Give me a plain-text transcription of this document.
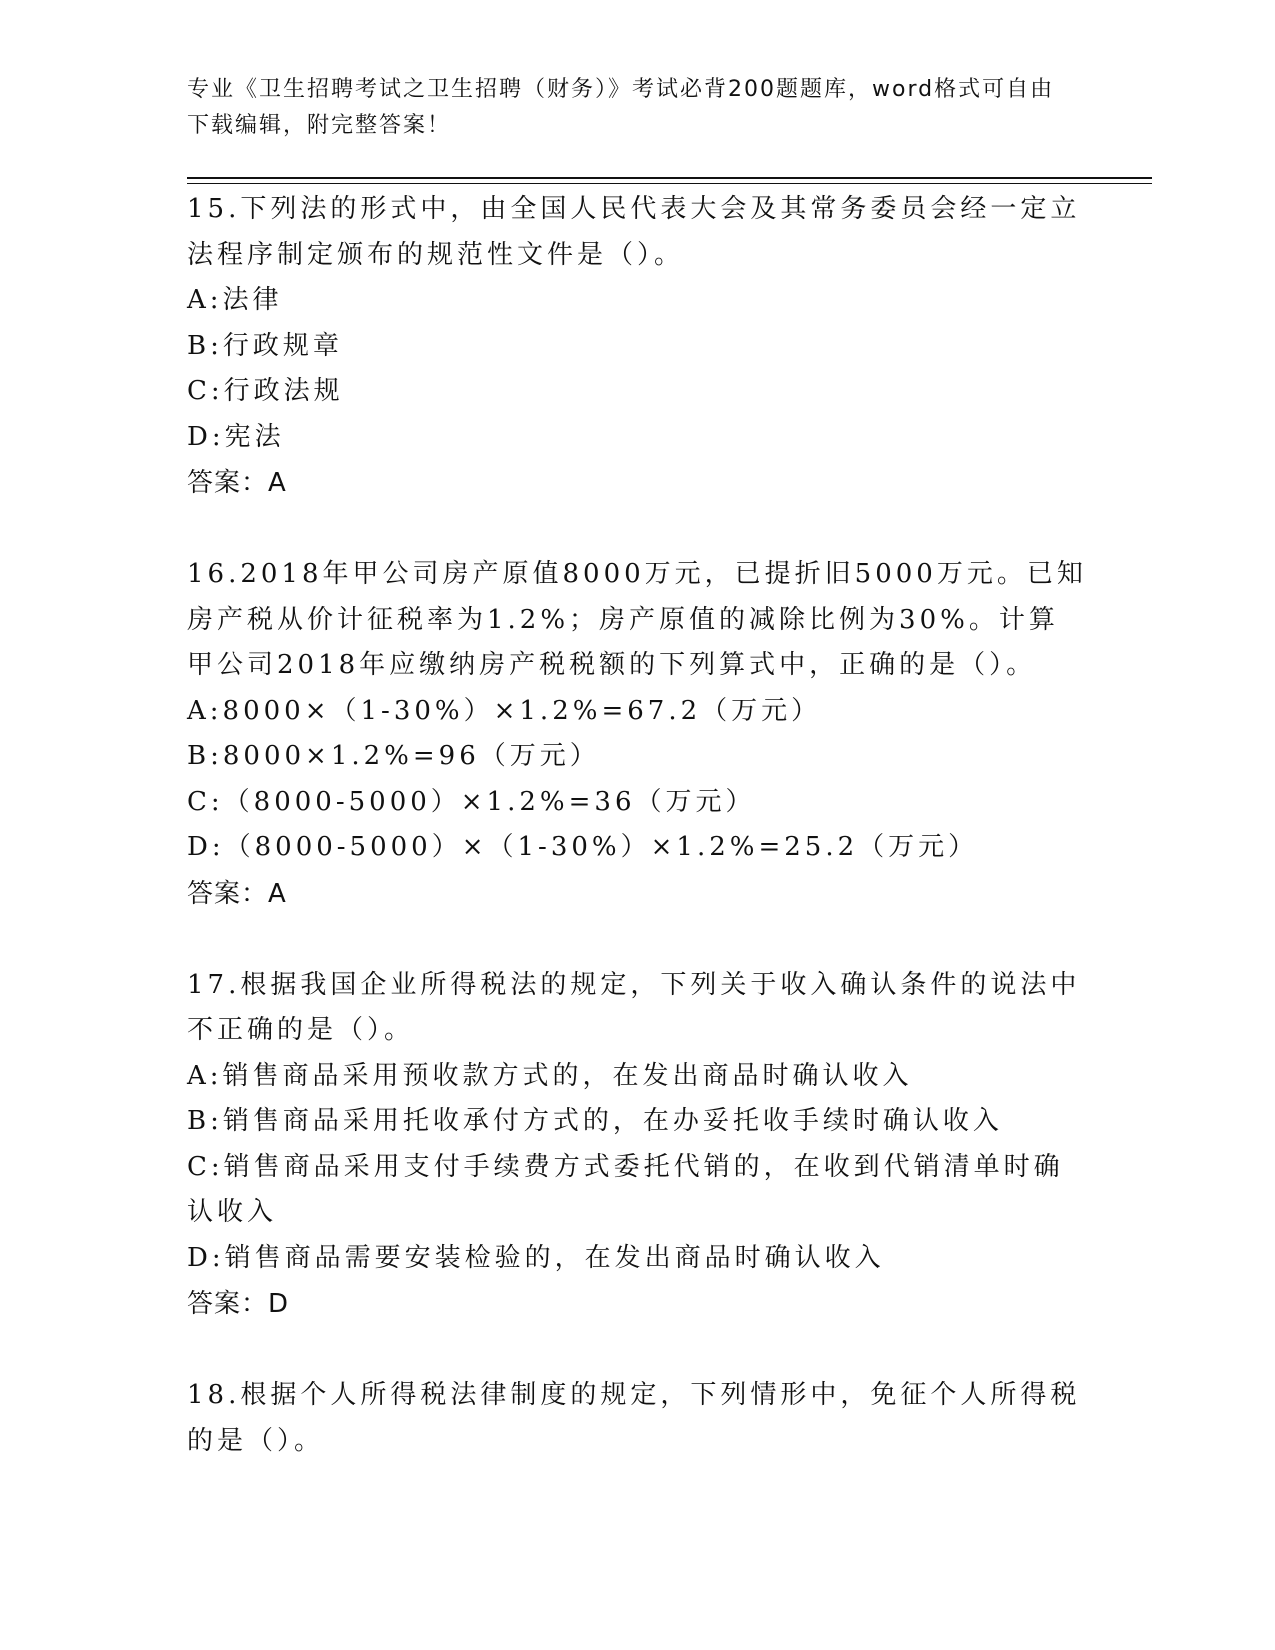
专业《卫生招聘考试之卫生招聘（财务）》考试必背200题题库，word格式可自由下载编辑，附完整答案！
15.下列法的形式中，由全国人民代表大会及其常务委员会经一定立法程序制定颁布的规范性文件是（）。
A:法律
B:行政规章
C:行政法规
D:宪法
答案：A
16.2018年甲公司房产原值8000万元，已提折旧5000万元。已知房产税从价计征税率为1.2%；房产原值的减除比例为30%。计算甲公司2018年应缴纳房产税税额的下列算式中，正确的是（）。
A:8000×（1-30%）×1.2%=67.2（万元）
B:8000×1.2%=96（万元）
C:（8000-5000）×1.2%=36（万元）
D:（8000-5000）×（1-30%）×1.2%=25.2（万元）
答案：A
17.根据我国企业所得税法的规定，下列关于收入确认条件的说法中不正确的是（）。
A:销售商品采用预收款方式的，在发出商品时确认收入
B:销售商品采用托收承付方式的，在办妥托收手续时确认收入
C:销售商品采用支付手续费方式委托代销的，在收到代销清单时确认收入
D:销售商品需要安装检验的，在发出商品时确认收入
答案：D
18.根据个人所得税法律制度的规定，下列情形中，免征个人所得税的是（）。
